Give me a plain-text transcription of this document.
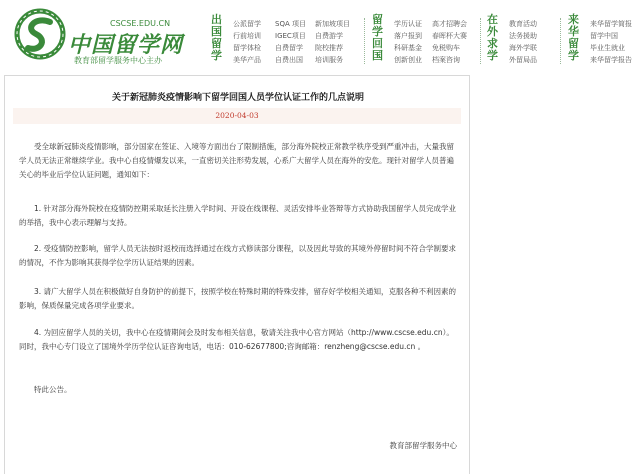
CSCSE.EDU.CN
中国留学网
教育部留学服务中心主办
出
国
留
学
公派留学
行前培训
留学体检
美华产品
SQA 项目
IGEC项目
自费留学
自费出国
新加坡项目
自费游学
院校推荐
培训服务
留
学
回
国
学历认证
落户报到
科研基金
创新创业
高才招聘会
春晖杯大赛
免税购车
档案咨询
在
外
求
学
教育活动
法务援助
海外学联
外留局品
来
华
留
学
来华留学简报
留学中国
毕业生就业
来华留学报告
关于新冠肺炎疫情影响下留学回国人员学位认证工作的几点说明
2020-04-03

  受全球新冠肺炎疫情影响，部分国家在签证、入境等方面出台了限制措施，部分海外院校正常教学秩序受到严重冲击，大量我留学人员无法正常继续学业。我中心自疫情爆发以来，一直密切关注形势发展，心系广大留学人员在海外的安危。现针对留学人员普遍关心的毕业后学位认证问题，通知如下：

  1. 针对部分海外院校在疫情防控期采取延长注册入学时间、开设在线课程、灵活安排毕业答辩等方式协助我国留学人员完成学业的举措，我中心表示理解与支持。

  2. 受疫情防控影响，留学人员无法按时返校而选择通过在线方式修读部分课程，以及因此导致的其境外停留时间不符合学制要求的情况，不作为影响其获得学位学历认证结果的因素。

  3. 请广大留学人员在积极做好自身防护的前提下，按照学校在特殊时期的特殊安排，留存好学校相关通知，克服各种不利因素的影响，保质保量完成各项学业要求。

  4. 为回应留学人员的关切，我中心在疫情期间会及时发布相关信息，敬请关注我中心官方网站（http://www.cscse.edu.cn）。同时，我中心专门设立了国境外学历学位认证咨询电话，电话：010-62677800;咨询邮箱：renzheng@cscse.edu.cn 。

  特此公告。

教育部留学服务中心
